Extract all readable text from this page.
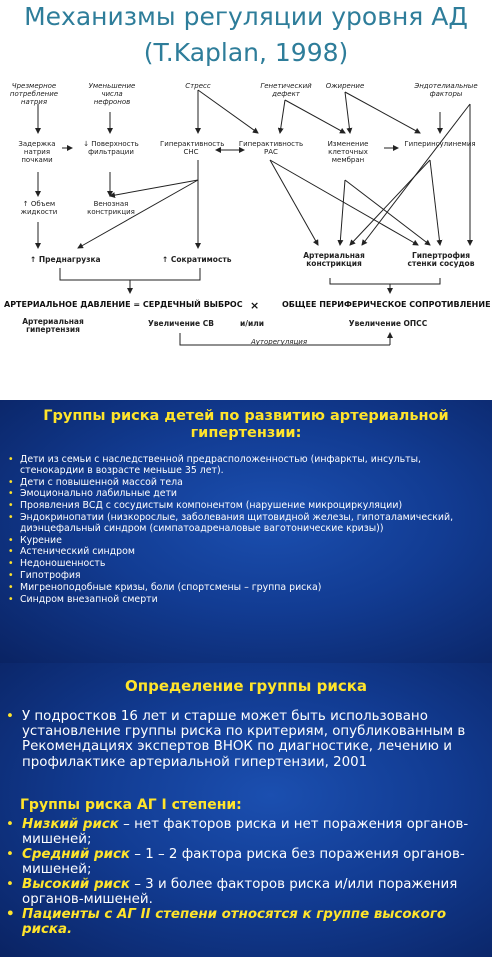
Механизмы регуляции уровня АД
(T.Kaplan, 1998)
Чрезмерное потребление натрия
Уменьшение числа нефронов
Стресс	Генетический дефект
Ожирение	Эндотелиальные факторы
Задержка натрия почками
↓ Поверхность фильтрации
Гиперактивность СНС
Гиперактивность РАС
Изменение клеточных мембран
Гиперинсулинемия
↑ Объем жидкости
Венозная констрикция
↑ Преднагрузка	↑ Сократимость	Артериальная констрикция
Гипертрофия стенки сосудов
АРТЕРИАЛЬНОЕ ДАВЛЕНИЕ = СЕРДЕЧНЫЙ ВЫБРОС ×	ОБЩЕЕ ПЕРИФЕРИЧЕСКОЕ СОПРОТИВЛЕНИЕ
Артериальная гипертензия
Увеличение СВ	и/или	Увеличение ОПСС
Ауторегуляция
Группы риска детей по развитию артериальной гипертензии:
• Дети из семьи с наследственной предрасположенностью (инфаркты, инсульты, стенокардии в возрасте меньше 35 лет).
• Дети с повышенной массой тела
• Эмоционально лабильные дети
• Проявления ВСД с сосудистым компонентом (нарушение микроциркуляции)
• Эндокринопатии (низкорослые, заболевания щитовидной железы, гипоталамический, диэнцефальный синдром (симпатоадреналовые ваготонические кризы))
• Курение
• Астенический синдром
• Недоношенность
• Гипотрофия
• Мигренoподобные кризы, боли (спортсмены – группа риска)
• Синдром внезапной смерти
Определение группы риска
• У подростков 16 лет и старше может быть использовано установление группы риска по критериям, опубликованным в Рекомендациях экспертов ВНОК по диагностике, лечению и профилактике артериальной гипертензии, 2001
Группы риска АГ I степени:
• Низкий риск – нет факторов риска и нет поражения органов-мишеней;
• Средний риск – 1 – 2 фактора риска без поражения органов-мишеней;
• Высокий риск – 3 и более факторов риска и/или поражения органов-мишеней.
• Пациенты с АГ II степени относятся к группе высокого риска.
